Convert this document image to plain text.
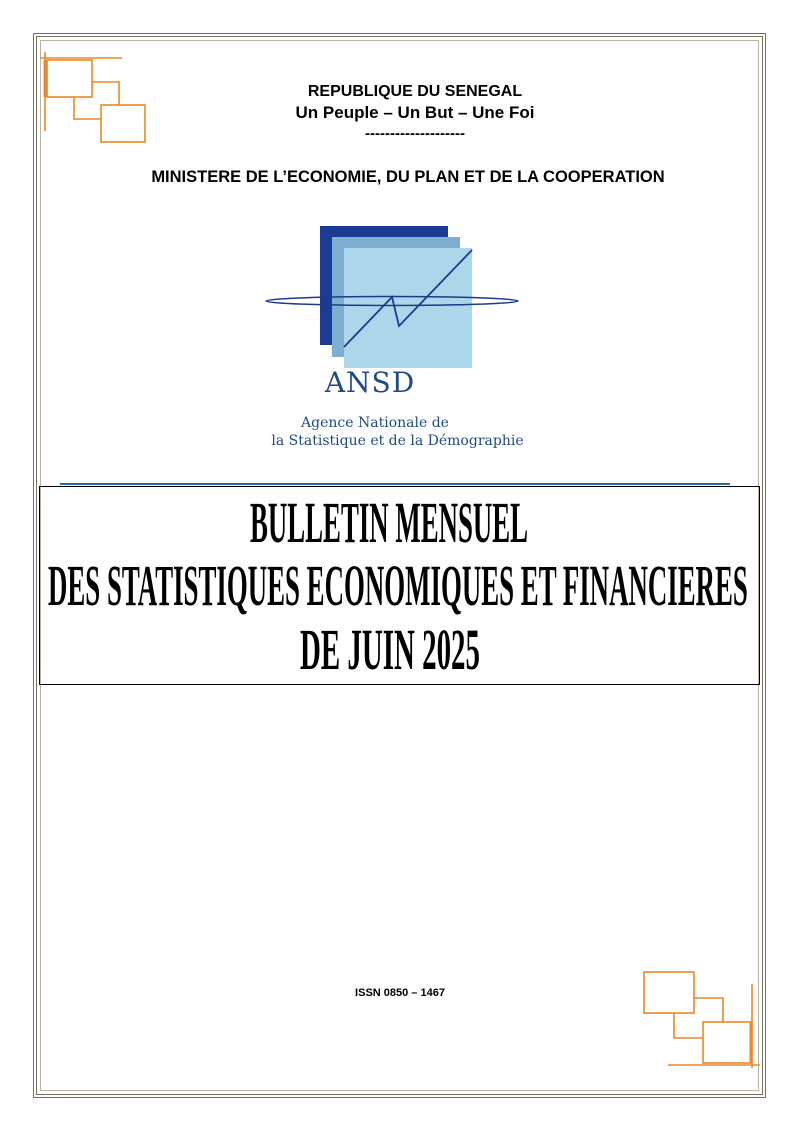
REPUBLIQUE DU SENEGAL
Un Peuple – Un But – Une Foi
--------------------
MINISTERE DE L’ECONOMIE, DU PLAN ET DE LA COOPERATION
ANSD
Agence Nationale de
la Statistique et de la Démographie
BULLETIN MENSUEL
DES STATISTIQUES ECONOMIQUES ET FINANCIERES
DE JUIN 2025
ISSN 0850 – 1467
